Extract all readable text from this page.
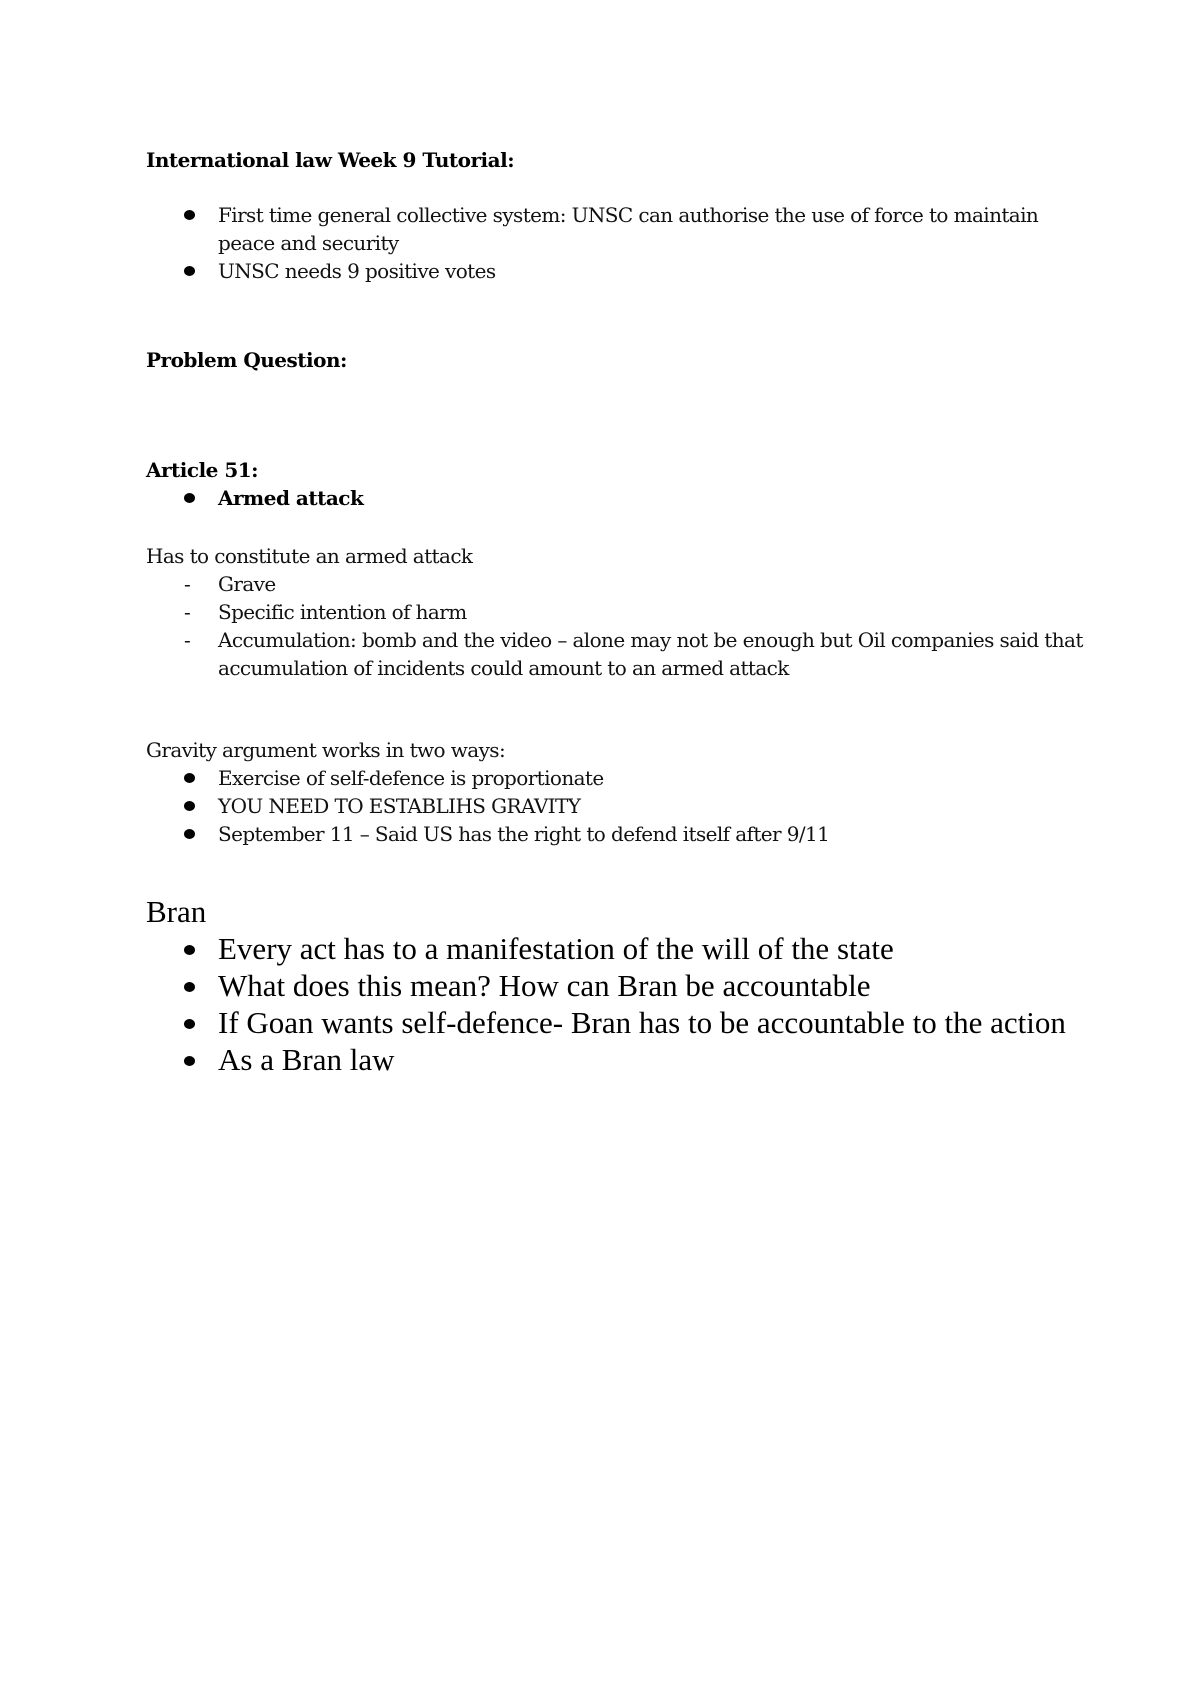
International law Week 9 Tutorial:
First time general collective system: UNSC can authorise the use of force to maintain peace and security
UNSC needs 9 positive votes
Problem Question:
Article 51:
Armed attack
Has to constitute an armed attack
- Grave
- Specific intention of harm
- Accumulation: bomb and the video – alone may not be enough but Oil companies said that accumulation of incidents could amount to an armed attack
Gravity argument works in two ways:
Exercise of self-defence is proportionate
YOU NEED TO ESTABLIHS GRAVITY
September 11 – Said US has the right to defend itself after 9/11
Bran
Every act has to a manifestation of the will of the state
What does this mean? How can Bran be accountable
If Goan wants self-defence- Bran has to be accountable to the action
As a Bran law
